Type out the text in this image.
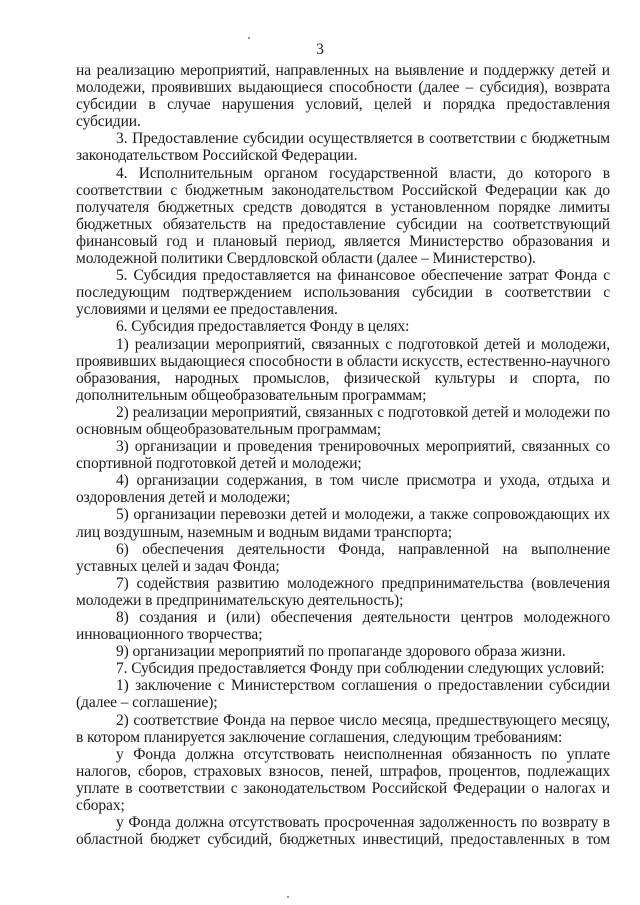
3

на реализацию мероприятий, направленных на выявление и поддержку детей и молодежи, проявивших выдающиеся способности (далее – субсидия), возврата субсидии в случае нарушения условий, целей и порядка предоставления субсидии.

3. Предоставление субсидии осуществляется в соответствии с бюджетным законодательством Российской Федерации.

4. Исполнительным органом государственной власти, до которого в соответствии с бюджетным законодательством Российской Федерации как до получателя бюджетных средств доводятся в установленном порядке лимиты бюджетных обязательств на предоставление субсидии на соответствующий финансовый год и плановый период, является Министерство образования и молодежной политики Свердловской области (далее – Министерство).

5. Субсидия предоставляется на финансовое обеспечение затрат Фонда с последующим подтверждением использования субсидии в соответствии с условиями и целями ее предоставления.

6. Субсидия предоставляется Фонду в целях:

1) реализации мероприятий, связанных с подготовкой детей и молодежи, проявивших выдающиеся способности в области искусств, естественно-научного образования, народных промыслов, физической культуры и спорта, по дополнительным общеобразовательным программам;

2) реализации мероприятий, связанных с подготовкой детей и молодежи по основным общеобразовательным программам;

3) организации и проведения тренировочных мероприятий, связанных со спортивной подготовкой детей и молодежи;

4) организации содержания, в том числе присмотра и ухода, отдыха и оздоровления детей и молодежи;

5) организации перевозки детей и молодежи, а также сопровождающих их лиц воздушным, наземным и водным видами транспорта;

6) обеспечения деятельности Фонда, направленной на выполнение уставных целей и задач Фонда;

7) содействия развитию молодежного предпринимательства (вовлечения молодежи в предпринимательскую деятельность);

8) создания и (или) обеспечения деятельности центров молодежного инновационного творчества;

9) организации мероприятий по пропаганде здорового образа жизни.

7. Субсидия предоставляется Фонду при соблюдении следующих условий:

1) заключение с Министерством соглашения о предоставлении субсидии (далее – соглашение);

2) соответствие Фонда на первое число месяца, предшествующего месяцу, в котором планируется заключение соглашения, следующим требованиям:

у Фонда должна отсутствовать неисполненная обязанность по уплате налогов, сборов, страховых взносов, пеней, штрафов, процентов, подлежащих уплате в соответствии с законодательством Российской Федерации о налогах и сборах;

у Фонда должна отсутствовать просроченная задолженность по возврату в областной бюджет субсидий, бюджетных инвестиций, предоставленных в том
